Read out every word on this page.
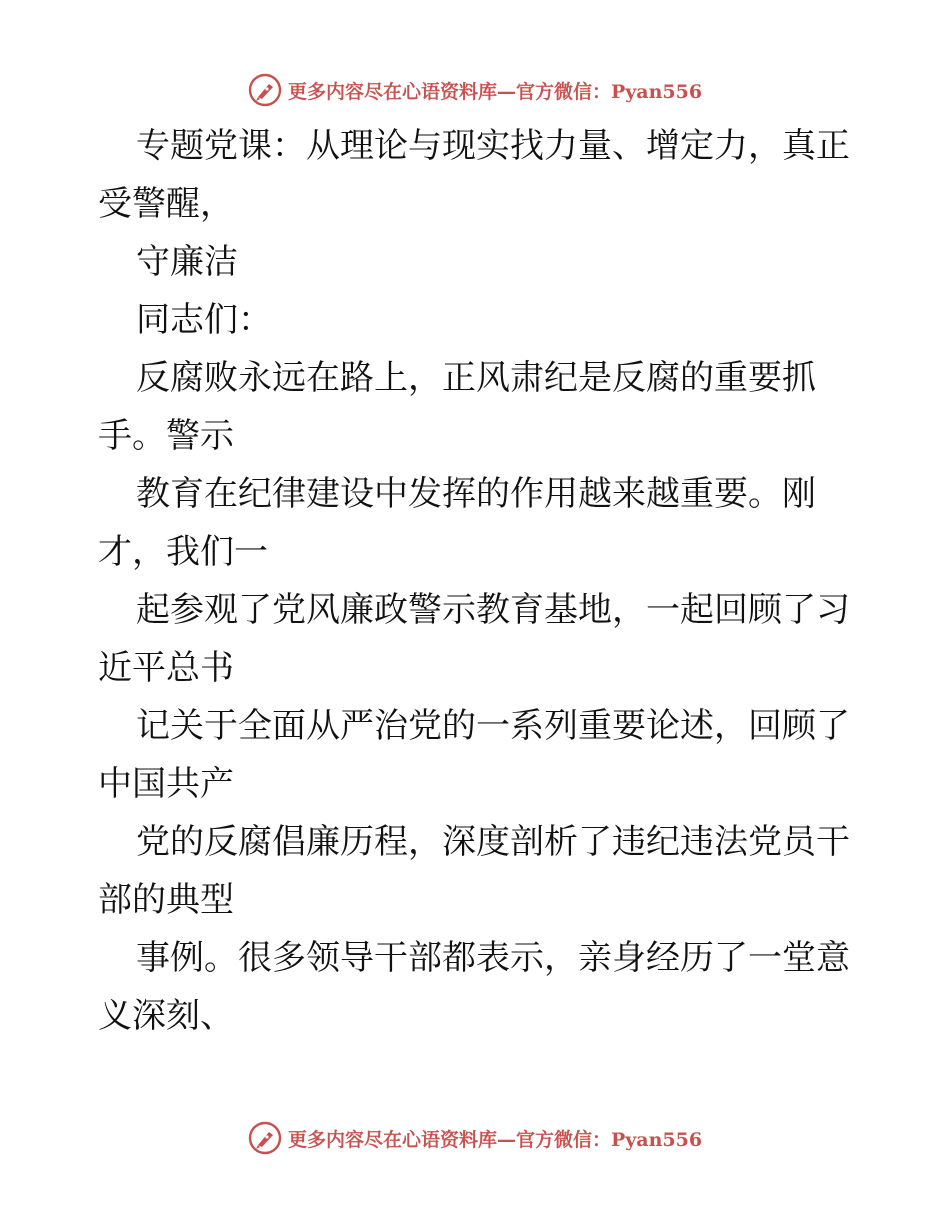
更多内容尽在心语资料库—官方微信：Pyan556
专题党课：从理论与现实找力量、增定力，真正
受警醒，
守廉洁
同志们：
反腐败永远在路上，正风肃纪是反腐的重要抓
手。警示
教育在纪律建设中发挥的作用越来越重要。刚
才，我们一
起参观了党风廉政警示教育基地，一起回顾了习
近平总书
记关于全面从严治党的一系列重要论述，回顾了
中国共产
党的反腐倡廉历程，深度剖析了违纪违法党员干
部的典型
事例。很多领导干部都表示，亲身经历了一堂意
义深刻、
更多内容尽在心语资料库—官方微信：Pyan556
